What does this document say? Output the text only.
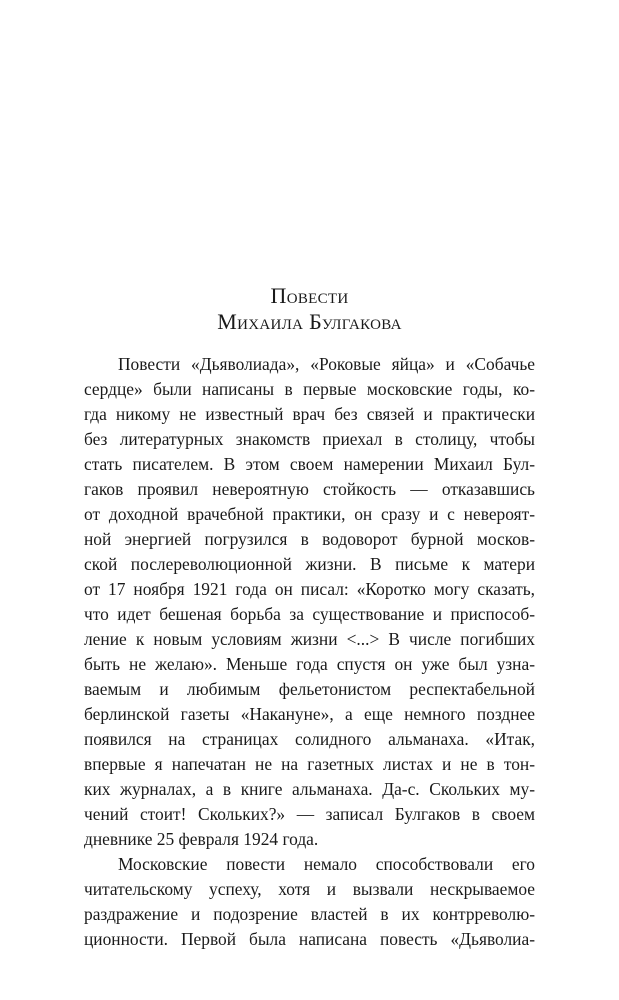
Повести
Михаила Булгакова
Повести «Дьяволиада», «Роковые яйца» и «Собачье
сердце» были написаны в первые московские годы, ко-
гда никому не известный врач без связей и практически
без литературных знакомств приехал в столицу, чтобы
стать писателем. В этом своем намерении Михаил Бул-
гаков проявил невероятную стойкость — отказавшись
от доходной врачебной практики, он сразу и с невероят-
ной энергией погрузился в водоворот бурной москов-
ской послереволюционной жизни. В письме к матери
от 17 ноября 1921 года он писал: «Коротко могу сказать,
что идет бешеная борьба за существование и приспособ-
ление к новым условиям жизни <...> В числе погибших
быть не желаю». Меньше года спустя он уже был узна-
ваемым и любимым фельетонистом респектабельной
берлинской газеты «Накануне», а еще немного позднее
появился на страницах солидного альманаха. «Итак,
впервые я напечатан не на газетных листах и не в тон-
ких журналах, а в книге альманаха. Да-с. Скольких му-
чений стоит! Скольких?» — записал Булгаков в своем
дневнике 25 февраля 1924 года.
Московские повести немало способствовали его
читательскому успеху, хотя и вызвали нескрываемое
раздражение и подозрение властей в их контрреволю-
ционности. Первой была написана повесть «Дьяволиа-
